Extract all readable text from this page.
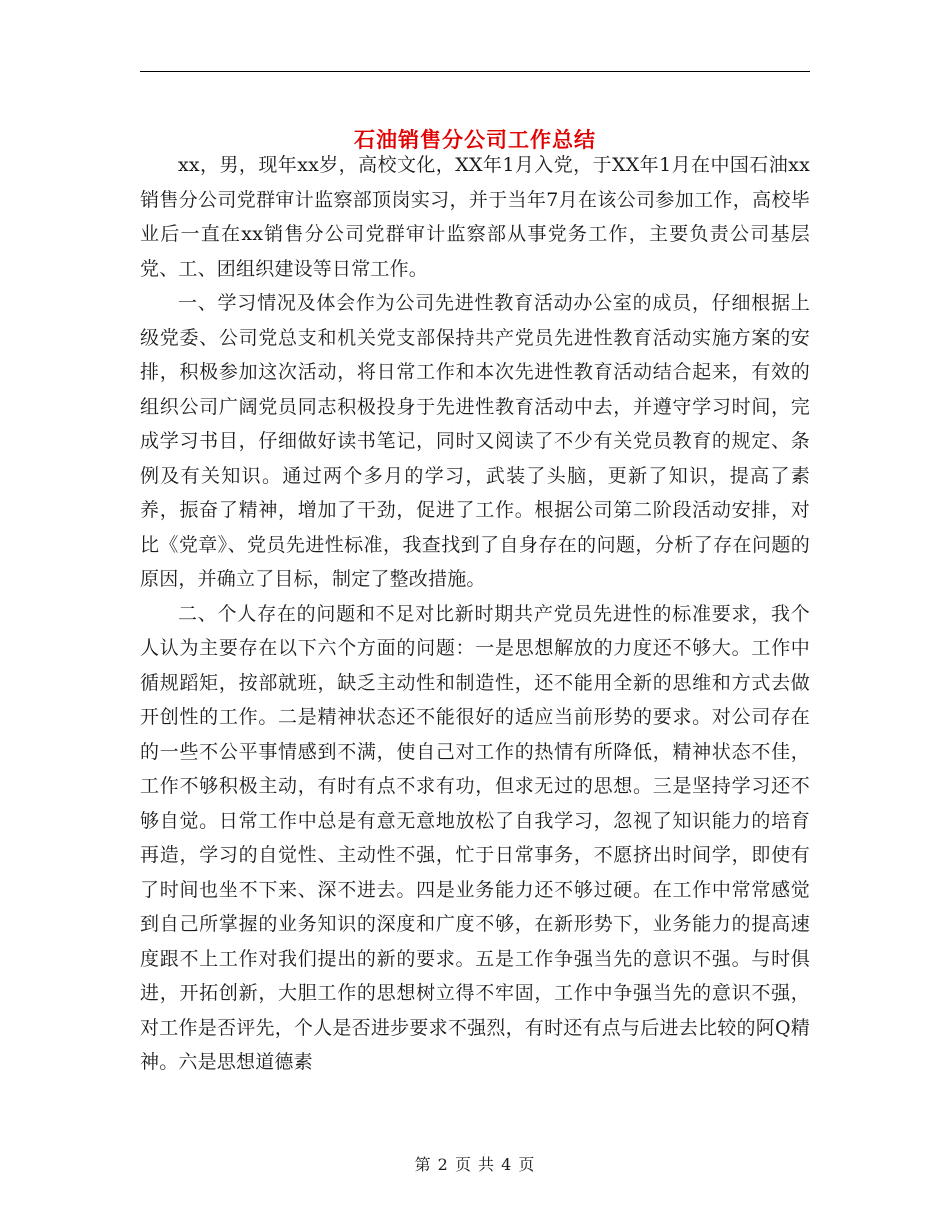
石油销售分公司工作总结

xx，男，现年xx岁，高校文化，XX年1月入党，于XX年1月在中国石油xx销售分公司党群审计监察部顶岗实习，并于当年7月在该公司参加工作，高校毕业后一直在xx销售分公司党群审计监察部从事党务工作，主要负责公司基层党、工、团组织建设等日常工作。

一、学习情况及体会作为公司先进性教育活动办公室的成员，仔细根据上级党委、公司党总支和机关党支部保持共产党员先进性教育活动实施方案的安排，积极参加这次活动，将日常工作和本次先进性教育活动结合起来，有效的组织公司广阔党员同志积极投身于先进性教育活动中去，并遵守学习时间，完成学习书目，仔细做好读书笔记，同时又阅读了不少有关党员教育的规定、条例及有关知识。通过两个多月的学习，武装了头脑，更新了知识，提高了素养，振奋了精神，增加了干劲，促进了工作。根据公司第二阶段活动安排，对比《党章》、党员先进性标准，我查找到了自身存在的问题，分析了存在问题的原因，并确立了目标，制定了整改措施。

二、个人存在的问题和不足对比新时期共产党员先进性的标准要求，我个人认为主要存在以下六个方面的问题：一是思想解放的力度还不够大。工作中循规蹈矩，按部就班，缺乏主动性和制造性，还不能用全新的思维和方式去做开创性的工作。二是精神状态还不能很好的适应当前形势的要求。对公司存在的一些不公平事情感到不满，使自己对工作的热情有所降低，精神状态不佳，工作不够积极主动，有时有点不求有功，但求无过的思想。三是坚持学习还不够自觉。日常工作中总是有意无意地放松了自我学习，忽视了知识能力的培育再造，学习的自觉性、主动性不强，忙于日常事务，不愿挤出时间学，即使有了时间也坐不下来、深不进去。四是业务能力还不够过硬。在工作中常常感觉到自己所掌握的业务知识的深度和广度不够，在新形势下，业务能力的提高速度跟不上工作对我们提出的新的要求。五是工作争强当先的意识不强。与时俱进，开拓创新，大胆工作的思想树立得不牢固，工作中争强当先的意识不强，对工作是否评先，个人是否进步要求不强烈，有时还有点与后进去比较的阿Q精神。六是思想道德素

第 2 页 共 4 页
